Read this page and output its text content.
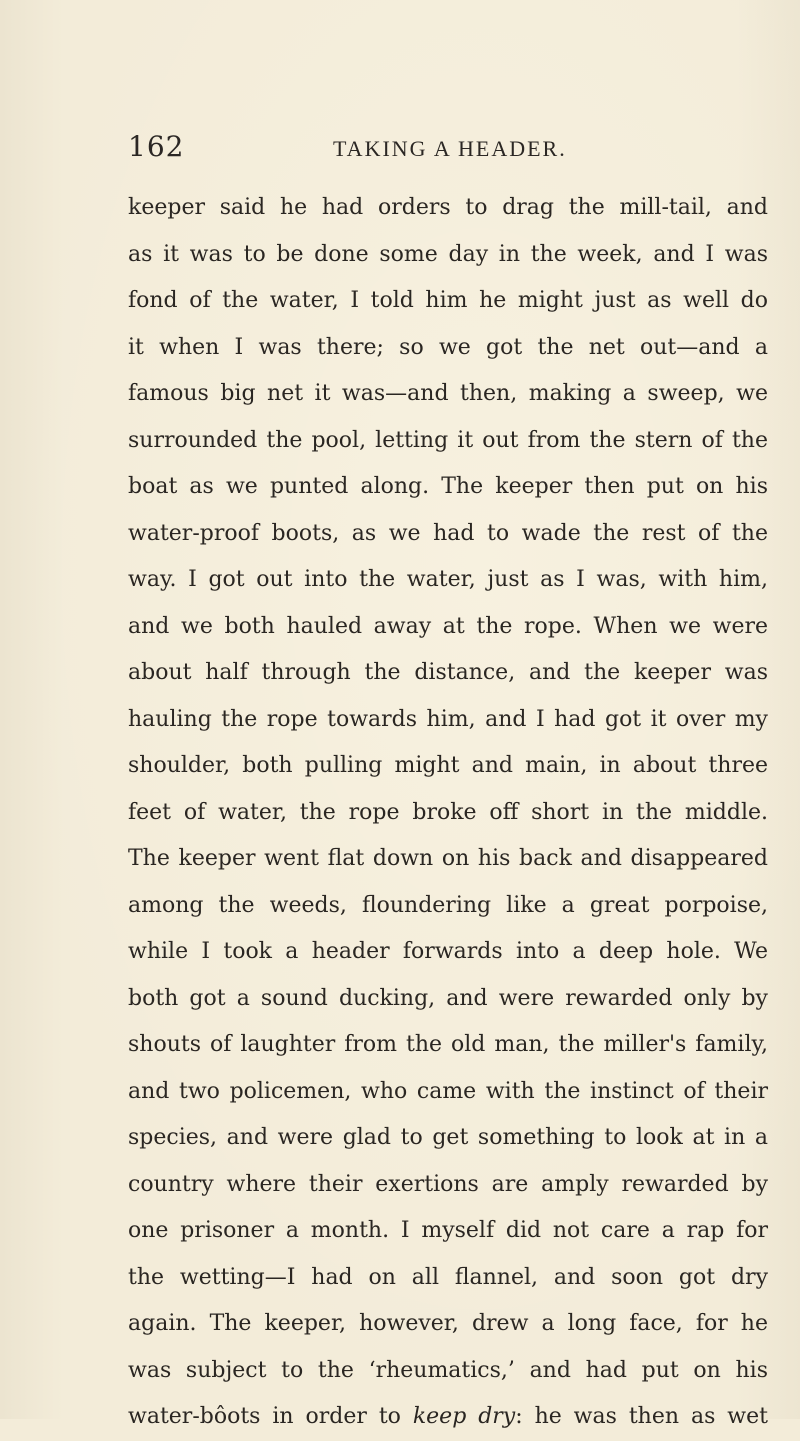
162	TAKING A HEADER.
keeper said he had orders to drag the mill-tail, and
as it was to be done some day in the week, and I was
fond of the water, I told him he might just as well do
it when I was there; so we got the net out—and a
famous big net it was—and then, making a sweep, we
surrounded the pool, letting it out from the stern of the
boat as we punted along. The keeper then put on his
water-proof boots, as we had to wade the rest of the
way. I got out into the water, just as I was, with him,
and we both hauled away at the rope. When we were
about half through the distance, and the keeper was
hauling the rope towards him, and I had got it over my
shoulder, both pulling might and main, in about three
feet of water, the rope broke off short in the middle.
The keeper went flat down on his back and disappeared
among the weeds, floundering like a great porpoise,
while I took a header forwards into a deep hole. We
both got a sound ducking, and were rewarded only by
shouts of laughter from the old man, the miller's family,
and two policemen, who came with the instinct of their
species, and were glad to get something to look at in a
country where their exertions are amply rewarded by
one prisoner a month. I myself did not care a rap for
the wetting—I had on all flannel, and soon got dry
again. The keeper, however, drew a long face, for he
was subject to the ‘rheumatics,’ and had put on his
water-bôots in order to keep dry: he was then as wet
